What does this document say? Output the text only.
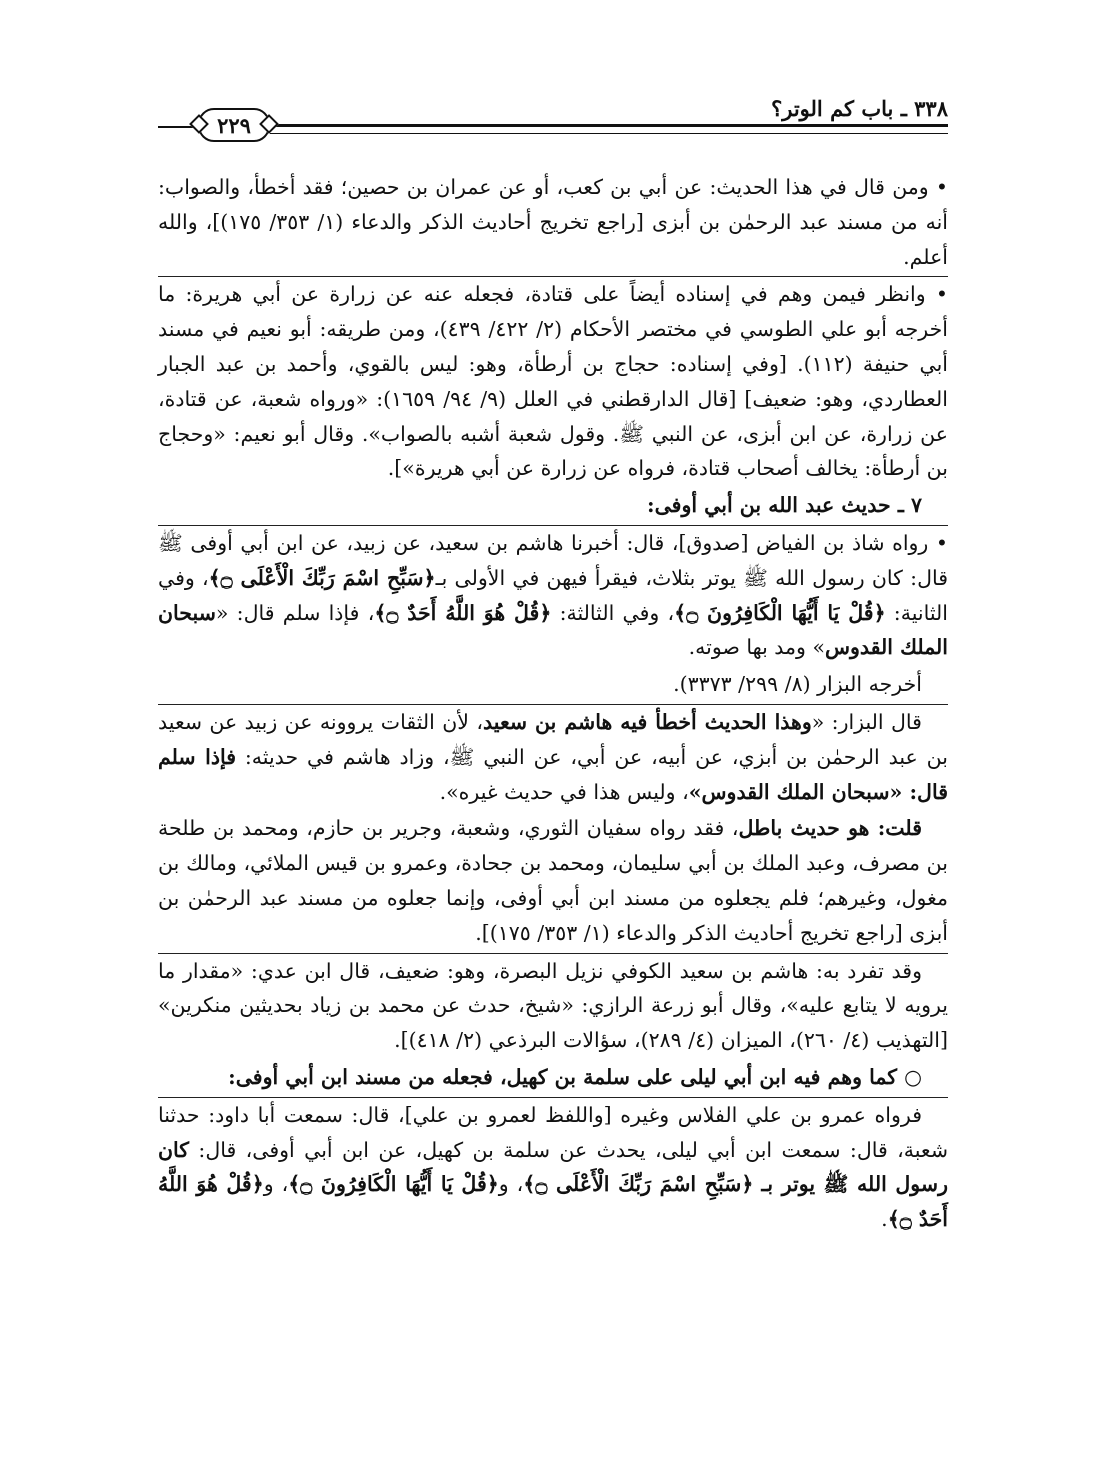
٣٣٨ ـ باب كم الوتر؟
٢٢٩

• ومن قال في هذا الحديث: عن أبي بن كعب، أو عن عمران بن حصين؛ فقد أخطأ، والصواب: أنه من مسند عبد الرحمٰن بن أبزى [راجع تخريج أحاديث الذكر والدعاء (١/ ٣٥٣/ ١٧٥)]، والله أعلم.

• وانظر فيمن وهم في إسناده أيضاً على قتادة، فجعله عنه عن زرارة عن أبي هريرة: ما أخرجه أبو علي الطوسي في مختصر الأحكام (٢/ ٤٢٢/ ٤٣٩)، ومن طريقه: أبو نعيم في مسند أبي حنيفة (١١٢). [وفي إسناده: حجاج بن أرطأة، وهو: ليس بالقوي، وأحمد بن عبد الجبار العطاردي، وهو: ضعيف] [قال الدارقطني في العلل (٩/ ٩٤/ ١٦٥٩): «ورواه شعبة، عن قتادة، عن زرارة، عن ابن أبزى، عن النبي ﷺ. وقول شعبة أشبه بالصواب». وقال أبو نعيم: «وحجاج بن أرطأة: يخالف أصحاب قتادة، فرواه عن زرارة عن أبي هريرة»].

٧ ـ حديث عبد الله بن أبي أوفى:

• رواه شاذ بن الفياض [صدوق]، قال: أخبرنا هاشم بن سعيد، عن زبيد، عن ابن أبي أوفى ﷺ قال: كان رسول الله ﷺ يوتر بثلاث، فيقرأ فيهن في الأولى بـ﴿سَبِّحِ اسْمَ رَبِّكَ الْأَعْلَى ۝﴾، وفي الثانية: ﴿قُلْ يَا أَيُّهَا الْكَافِرُونَ ۝﴾، وفي الثالثة: ﴿قُلْ هُوَ اللَّهُ أَحَدٌ ۝﴾، فإذا سلم قال: «سبحان الملك القدوس» ومد بها صوته.

أخرجه البزار (٨/ ٢٩٩/ ٣٣٧٣).

قال البزار: «وهذا الحديث أخطأ فيه هاشم بن سعيد، لأن الثقات يروونه عن زبيد عن سعيد بن عبد الرحمٰن بن أبزي، عن أبيه، عن أبي، عن النبي ﷺ، وزاد هاشم في حديثه: فإذا سلم قال: «سبحان الملك القدوس»، وليس هذا في حديث غيره».

قلت: هو حديث باطل، فقد رواه سفيان الثوري، وشعبة، وجرير بن حازم، ومحمد بن طلحة بن مصرف، وعبد الملك بن أبي سليمان، ومحمد بن جحادة، وعمرو بن قيس الملائي، ومالك بن مغول، وغيرهم؛ فلم يجعلوه من مسند ابن أبي أوفى، وإنما جعلوه من مسند عبد الرحمٰن بن أبزى [راجع تخريج أحاديث الذكر والدعاء (١/ ٣٥٣/ ١٧٥)].

وقد تفرد به: هاشم بن سعيد الكوفي نزيل البصرة، وهو: ضعيف، قال ابن عدي: «مقدار ما يرويه لا يتابع عليه»، وقال أبو زرعة الرازي: «شيخ، حدث عن محمد بن زياد بحديثين منكرين» [التهذيب (٤/ ٢٦٠)، الميزان (٤/ ٢٨٩)، سؤالات البرذعي (٢/ ٤١٨)].

○ كما وهم فيه ابن أبي ليلى على سلمة بن كهيل، فجعله من مسند ابن أبي أوفى:

فرواه عمرو بن علي الفلاس وغيره [واللفظ لعمرو بن علي]، قال: سمعت أبا داود: حدثنا شعبة، قال: سمعت ابن أبي ليلى، يحدث عن سلمة بن كهيل، عن ابن أبي أوفى، قال: كان رسول الله ﷺ يوتر بـ ﴿سَبِّحِ اسْمَ رَبِّكَ الْأَعْلَى ۝﴾، و﴿قُلْ يَا أَيُّهَا الْكَافِرُونَ ۝﴾، و﴿قُلْ هُوَ اللَّهُ أَحَدٌ ۝﴾.
